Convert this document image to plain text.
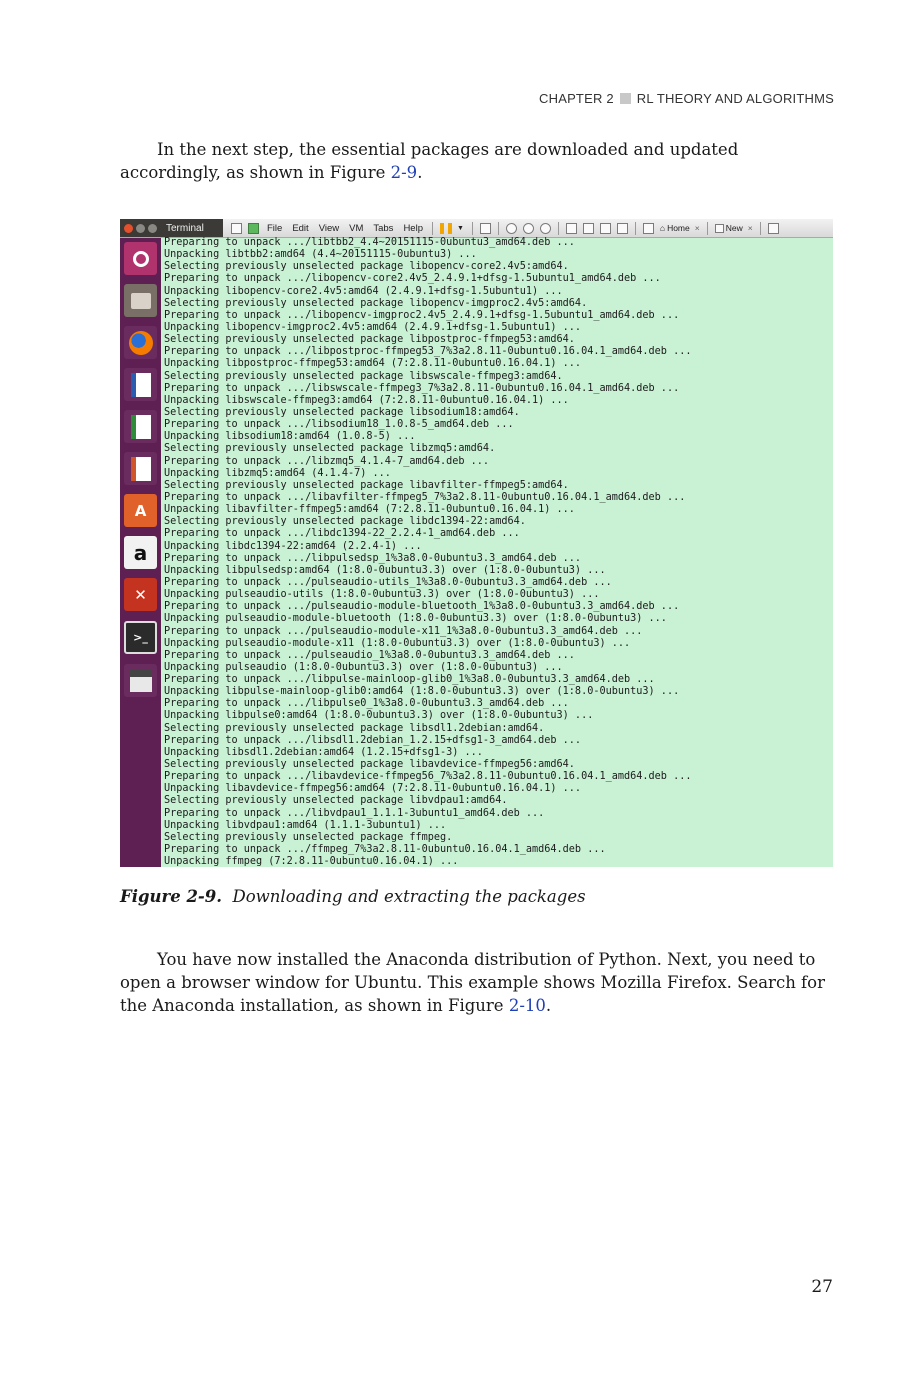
CHAPTER 2 RL THEORY AND ALGORITHMS

In the next step, the essential packages are downloaded and updated accordingly, as shown in Figure 2-9.

Terminal	File Edit View VM Tabs Help	▼	⌂ Home ×	New ×
A
a
✕
>_
Preparing to unpack .../libtbb2_4.4~20151115-0ubuntu3_amd64.deb ...
Unpacking libtbb2:amd64 (4.4~20151115-0ubuntu3) ...
Selecting previously unselected package libopencv-core2.4v5:amd64.
Preparing to unpack .../libopencv-core2.4v5_2.4.9.1+dfsg-1.5ubuntu1_amd64.deb ...
Unpacking libopencv-core2.4v5:amd64 (2.4.9.1+dfsg-1.5ubuntu1) ...
Selecting previously unselected package libopencv-imgproc2.4v5:amd64.
Preparing to unpack .../libopencv-imgproc2.4v5_2.4.9.1+dfsg-1.5ubuntu1_amd64.deb ...
Unpacking libopencv-imgproc2.4v5:amd64 (2.4.9.1+dfsg-1.5ubuntu1) ...
Selecting previously unselected package libpostproc-ffmpeg53:amd64.
Preparing to unpack .../libpostproc-ffmpeg53_7%3a2.8.11-0ubuntu0.16.04.1_amd64.deb ...
Unpacking libpostproc-ffmpeg53:amd64 (7:2.8.11-0ubuntu0.16.04.1) ...
Selecting previously unselected package libswscale-ffmpeg3:amd64.
Preparing to unpack .../libswscale-ffmpeg3_7%3a2.8.11-0ubuntu0.16.04.1_amd64.deb ...
Unpacking libswscale-ffmpeg3:amd64 (7:2.8.11-0ubuntu0.16.04.1) ...
Selecting previously unselected package libsodium18:amd64.
Preparing to unpack .../libsodium18_1.0.8-5_amd64.deb ...
Unpacking libsodium18:amd64 (1.0.8-5) ...
Selecting previously unselected package libzmq5:amd64.
Preparing to unpack .../libzmq5_4.1.4-7_amd64.deb ...
Unpacking libzmq5:amd64 (4.1.4-7) ...
Selecting previously unselected package libavfilter-ffmpeg5:amd64.
Preparing to unpack .../libavfilter-ffmpeg5_7%3a2.8.11-0ubuntu0.16.04.1_amd64.deb ...
Unpacking libavfilter-ffmpeg5:amd64 (7:2.8.11-0ubuntu0.16.04.1) ...
Selecting previously unselected package libdc1394-22:amd64.
Preparing to unpack .../libdc1394-22_2.2.4-1_amd64.deb ...
Unpacking libdc1394-22:amd64 (2.2.4-1) ...
Preparing to unpack .../libpulsedsp_1%3a8.0-0ubuntu3.3_amd64.deb ...
Unpacking libpulsedsp:amd64 (1:8.0-0ubuntu3.3) over (1:8.0-0ubuntu3) ...
Preparing to unpack .../pulseaudio-utils_1%3a8.0-0ubuntu3.3_amd64.deb ...
Unpacking pulseaudio-utils (1:8.0-0ubuntu3.3) over (1:8.0-0ubuntu3) ...
Preparing to unpack .../pulseaudio-module-bluetooth_1%3a8.0-0ubuntu3.3_amd64.deb ...
Unpacking pulseaudio-module-bluetooth (1:8.0-0ubuntu3.3) over (1:8.0-0ubuntu3) ...
Preparing to unpack .../pulseaudio-module-x11_1%3a8.0-0ubuntu3.3_amd64.deb ...
Unpacking pulseaudio-module-x11 (1:8.0-0ubuntu3.3) over (1:8.0-0ubuntu3) ...
Preparing to unpack .../pulseaudio_1%3a8.0-0ubuntu3.3_amd64.deb ...
Unpacking pulseaudio (1:8.0-0ubuntu3.3) over (1:8.0-0ubuntu3) ...
Preparing to unpack .../libpulse-mainloop-glib0_1%3a8.0-0ubuntu3.3_amd64.deb ...
Unpacking libpulse-mainloop-glib0:amd64 (1:8.0-0ubuntu3.3) over (1:8.0-0ubuntu3) ...
Preparing to unpack .../libpulse0_1%3a8.0-0ubuntu3.3_amd64.deb ...
Unpacking libpulse0:amd64 (1:8.0-0ubuntu3.3) over (1:8.0-0ubuntu3) ...
Selecting previously unselected package libsdl1.2debian:amd64.
Preparing to unpack .../libsdl1.2debian_1.2.15+dfsg1-3_amd64.deb ...
Unpacking libsdl1.2debian:amd64 (1.2.15+dfsg1-3) ...
Selecting previously unselected package libavdevice-ffmpeg56:amd64.
Preparing to unpack .../libavdevice-ffmpeg56_7%3a2.8.11-0ubuntu0.16.04.1_amd64.deb ...
Unpacking libavdevice-ffmpeg56:amd64 (7:2.8.11-0ubuntu0.16.04.1) ...
Selecting previously unselected package libvdpau1:amd64.
Preparing to unpack .../libvdpau1_1.1.1-3ubuntu1_amd64.deb ...
Unpacking libvdpau1:amd64 (1.1.1-3ubuntu1) ...
Selecting previously unselected package ffmpeg.
Preparing to unpack .../ffmpeg_7%3a2.8.11-0ubuntu0.16.04.1_amd64.deb ...
Unpacking ffmpeg (7:2.8.11-0ubuntu0.16.04.1) ...
Figure 2-9. Downloading and extracting the packages

You have now installed the Anaconda distribution of Python. Next, you need to open a browser window for Ubuntu. This example shows Mozilla Firefox. Search for the Anaconda installation, as shown in Figure 2-10.

27
